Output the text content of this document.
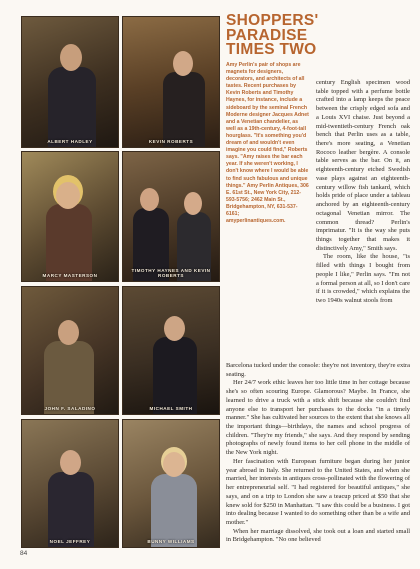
ALBERT HADLEY	KEVIN ROBERTS
MARCY MASTERSON
TIMOTHY HAYNES AND KEVIN ROBERTS
JOHN F. SALADINO	MICHAEL SMITH
NOEL JEFFREY	BUNNY WILLIAMS
SHOPPERS'
PARADISE
TIMES TWO

Amy Perlin's pair of shops are magnets for designers, decorators, and architects of all tastes. Recent purchases by Kevin Roberts and Timothy Haynes, for instance, include a sideboard by the seminal French Moderne designer Jacques Adnet and a Venetian chandelier, as well as a 19th-century, 4-foot-tall hourglass. "It's something you'd dream of and wouldn't even imagine you could find," Roberts says. "Amy raises the bar each year. If she weren't working, I don't know where I would be able to find such fabulous and unique things." Amy Perlin Antiques, 306 E. 61st St., New York City, 212-593-5756; 2462 Main St., Bridgehampton, NY, 631-537-6161;

amyperlinantiques.com.

century English specimen wood table topped with a perfume bottle crafted into a lamp keeps the peace between the crisply edged sofa and a Louis XVI chaise. Just beyond a mid-twentieth-century French oak bench that Perlin uses as a table, there's more seating, a Venetian Rococo leather bergère. A console table serves as the bar. On it, an eighteenth-century etched Swedish vase plays against an eighteenth-century willow fish tankard, which holds pride of place under a tableau anchored by an eighteenth-century octagonal Venetian mirror. The common thread? Perlin's imprimatur. "It is the way she puts things together that makes it distinctively Amy," Smith says.

The room, like the house, "is filled with things I bought from people I like," Perlin says. "I'm not a formal person at all, so I don't care if it is crowded," which explains the two 1940s walnut stools from

Barcelona tucked under the console: they're not inventory, they're extra seating.

Her 24/7 work ethic leaves her too little time in her cottage because she's so often scouring Europe. Glamorous? Maybe. In France, she learned to drive a truck with a stick shift because she couldn't find anyone else to transport her purchases to the docks "in a timely manner." She has cultivated her sources to the extent that she knows all the important things—birthdays, the names and school progress of children. "They're my friends," she says. And they respond by sending photographs of newly found items to her cell phone in the middle of the New York night.

Her fascination with European furniture began during her junior year abroad in Italy. She returned to the United States, and when she married, her interests in antiques cross-pollinated with the flowering of her entrepreneurial self. "I had registered for beautiful antiques," she says, and on a trip to London she saw a teacup priced at $50 that she knew sold for $250 in Manhattan. "I saw this could be a business. I got into dealing because I wanted to do something other than be a wife and mother."

When her marriage dissolved, she took out a loan and started small in Bridgehampton. "No one believed

84
